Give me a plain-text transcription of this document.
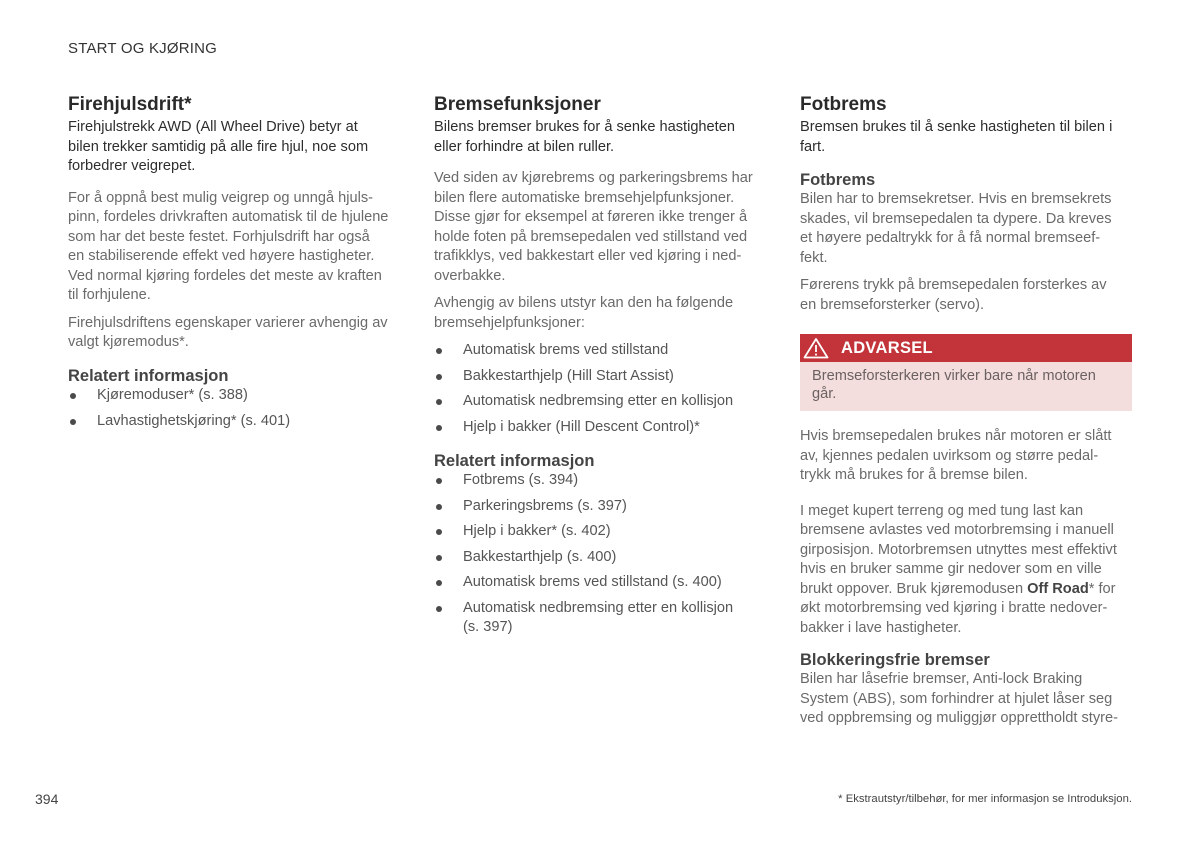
START OG KJØRING
Firehjulsdrift*

Firehjulstrekk AWD (All Wheel Drive) betyr at
bilen trekker samtidig på alle fire hjul, noe som
forbedrer veigrepet.

For å oppnå best mulig veigrep og unngå hjuls-
pinn, fordeles drivkraften automatisk til de hjulene
som har det beste festet. Forhjulsdrift har også
en stabiliserende effekt ved høyere hastigheter.
Ved normal kjøring fordeles det meste av kraften
til forhjulene.

Firehjulsdriftens egenskaper varierer avhengig av
valgt kjøremodus*.

Relatert informasjon
Kjøremoduser* (s. 388)
Lavhastighetskjøring* (s. 401)
Bremsefunksjoner

Bilens bremser brukes for å senke hastigheten
eller forhindre at bilen ruller.

Ved siden av kjørebrems og parkeringsbrems har
bilen flere automatiske bremsehjelpfunksjoner.
Disse gjør for eksempel at føreren ikke trenger å
holde foten på bremsepedalen ved stillstand ved
trafikklys, ved bakkestart eller ved kjøring i ned-
overbakke.

Avhengig av bilens utstyr kan den ha følgende
bremsehjelpfunksjoner:

Automatisk brems ved stillstand
Bakkestarthjelp (Hill Start Assist)
Automatisk nedbremsing etter en kollisjon
Hjelp i bakker (Hill Descent Control)*
Relatert informasjon
Fotbrems (s. 394)
Parkeringsbrems (s. 397)
Hjelp i bakker* (s. 402)
Bakkestarthjelp (s. 400)
Automatisk brems ved stillstand (s. 400)
Automatisk nedbremsing etter en kollisjon
(s. 397)
Fotbrems

Bremsen brukes til å senke hastigheten til bilen i
fart.

Fotbrems

Bilen har to bremsekretser. Hvis en bremsekrets
skades, vil bremsepedalen ta dypere. Da kreves
et høyere pedaltrykk for å få normal bremseef-
fekt.

Førerens trykk på bremsepedalen forsterkes av
en bremseforsterker (servo).

ADVARSEL
Bremseforsterkeren virker bare når motoren
går.

Hvis bremsepedalen brukes når motoren er slått
av, kjennes pedalen uvirksom og større pedal-
trykk må brukes for å bremse bilen.

I meget kupert terreng og med tung last kan
bremsene avlastes ved motorbremsing i manuell
girposisjon. Motorbremsen utnyttes mest effektivt
hvis en bruker samme gir nedover som en ville
brukt oppover. Bruk kjøremodusen Off Road* for
økt motorbremsing ved kjøring i bratte nedover-
bakker i lave hastigheter.

Blokkeringsfrie bremser

Bilen har låsefrie bremser, Anti-lock Braking
System (ABS), som forhindrer at hjulet låser seg
ved oppbremsing og muliggjør opprettholdt styre-

394	* Ekstrautstyr/tilbehør, for mer informasjon se Introduksjon.
